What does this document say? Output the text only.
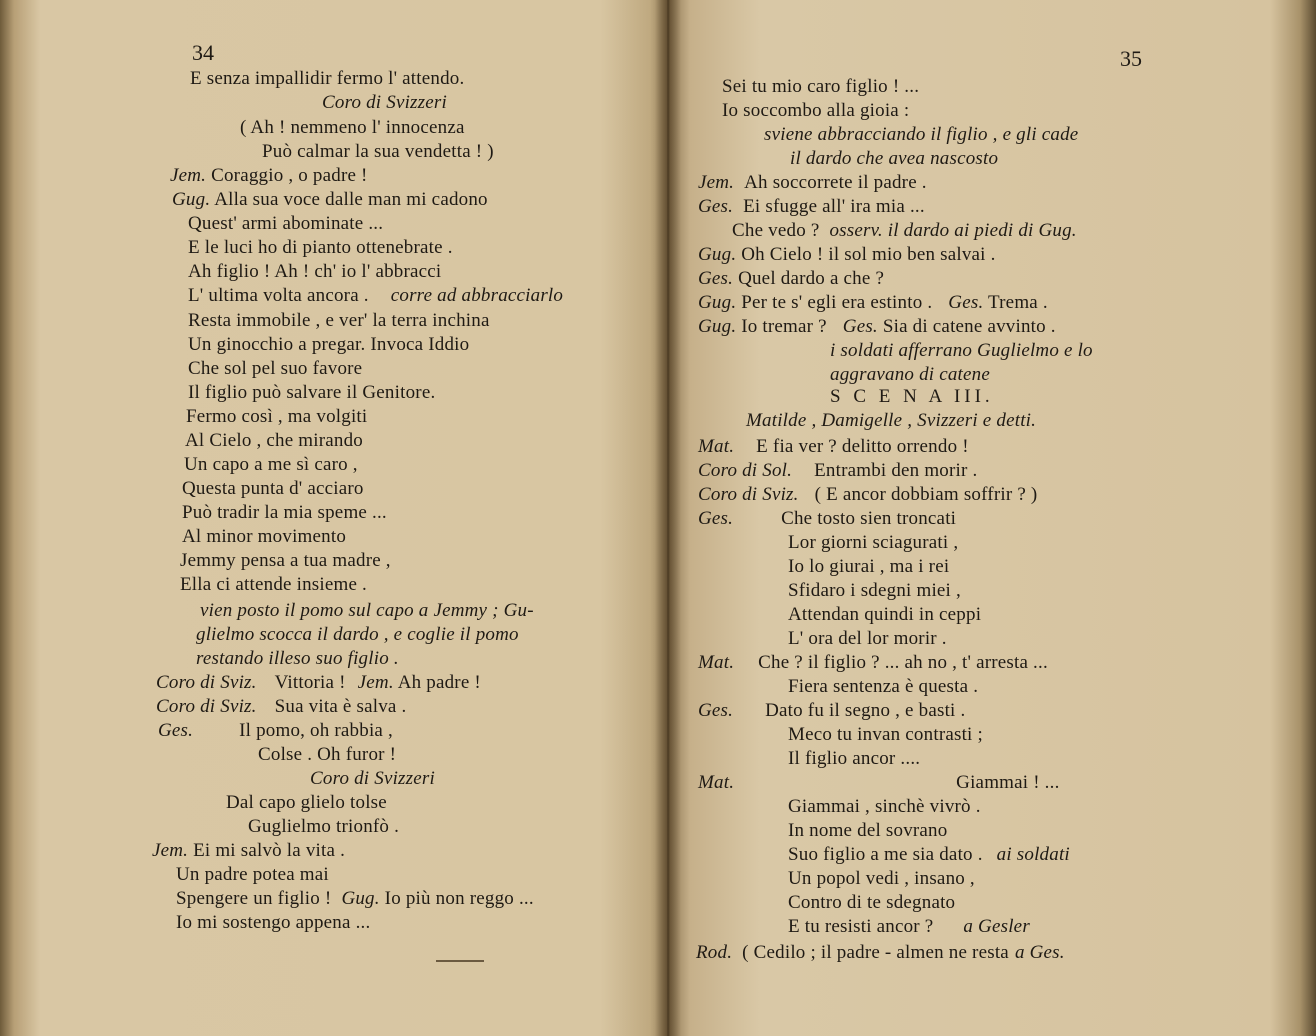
34
E senza impallidir fermo l' attendo.
Coro di Svizzeri
( Ah ! nemmeno l' innocenza
Può calmar la sua vendetta ! )
Jem. Coraggio , o padre !
Gug. Alla sua voce dalle man mi cadono
Quest' armi abominate ...
E le luci ho di pianto ottenebrate .
Ah figlio ! Ah ! ch' io l' abbracci
L' ultima volta ancora . corre ad abbracciarlo
Resta immobile , e ver' la terra inchina
Un ginocchio a pregar. Invoca Iddio
Che sol pel suo favore
Il figlio può salvare il Genitore.
Fermo così , ma volgiti
Al Cielo , che mirando
Un capo a me sì caro ,
Questa punta d' acciaro
Può tradir la mia speme ...
Al minor movimento
Jemmy pensa a tua madre ,
Ella ci attende insieme .
vien posto il pomo sul capo a Jemmy ; Gu-
glielmo scocca il dardo , e coglie il pomo
restando illeso suo figlio .
Coro di Sviz. Vittoria ! Jem. Ah padre !
Coro di Sviz. Sua vita è salva .
Ges. Il pomo, oh rabbia ,
Colse . Oh furor !
Coro di Svizzeri
Dal capo glielo tolse
Guglielmo trionfò .
Jem. Ei mi salvò la vita .
Un padre potea mai
Spengere un figlio ! Gug. Io più non reggo ...
Io mi sostengo appena ...
35
Sei tu mio caro figlio ! ...
Io soccombo alla gioia :
sviene abbracciando il figlio , e gli cade
il dardo che avea nascosto
Jem. Ah soccorrete il padre .
Ges. Ei sfugge all' ira mia ...
Che vedo ? osserv. il dardo ai piedi di Gug.
Gug. Oh Cielo ! il sol mio ben salvai .
Ges. Quel dardo a che ?
Gug. Per te s' egli era estinto . Ges. Trema .
Gug. Io tremar ? Ges. Sia di catene avvinto .
i soldati afferrano Guglielmo e lo
aggravano di catene
S C E N A III.
Matilde , Damigelle , Svizzeri e detti.
Mat. E fia ver ? delitto orrendo !
Coro di Sol. Entrambi den morir .
Coro di Sviz. ( E ancor dobbiam soffrir ? )
Ges.	Che tosto sien troncati
Lor giorni sciagurati ,
Io lo giurai , ma i rei
Sfidaro i sdegni miei ,
Attendan quindi in ceppi
L' ora del lor morir .
Mat. Che ? il figlio ? ... ah no , t' arresta ...
Fiera sentenza è questa .
Ges. Dato fu il segno , e basti .
Meco tu invan contrasti ;
Il figlio ancor ....
Mat.	Giammai ! ...
Giammai , sinchè vivrò .
In nome del sovrano
Suo figlio a me sia dato . ai soldati
Un popol vedi , insano ,
Contro di te sdegnato
E tu resisti ancor ? a Gesler
Rod. ( Cedilo ; il padre - almen ne resta a Ges.
